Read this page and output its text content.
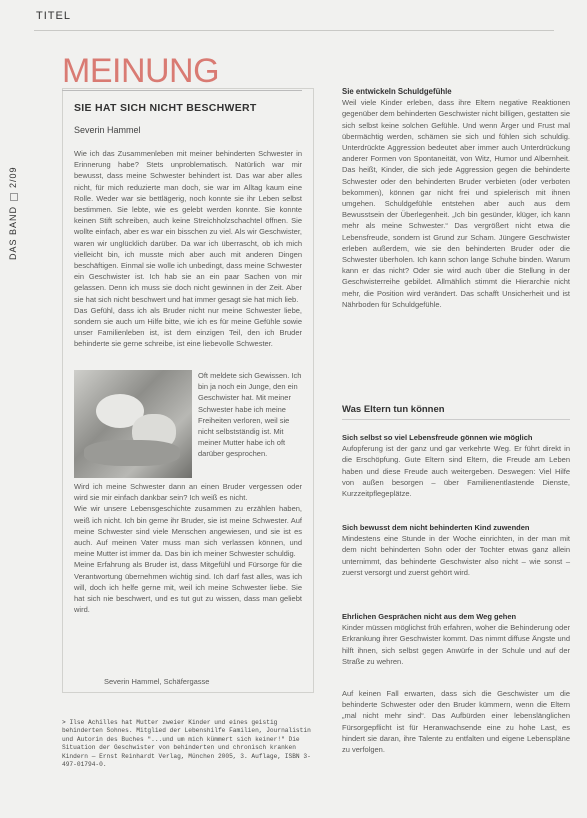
TITEL
DAS BAND2/09
MEINUNG
SIE HAT SICH NICHT BESCHWERT
Severin Hammel

Wie ich das Zusammenleben mit meiner behinderten Schwester in Erinnerung habe? Stets unproblematisch. Natürlich war mir bewusst, dass meine Schwester behindert ist. Das war aber alles nicht, für mich reduzierte man doch, sie war im Alltag kaum eine Rolle. Weder war sie bettlägerig, noch konnte sie ihr Leben selbst bestimmen. Sie lebte, wie es gelebt werden konnte. Sie konnte keinen Stift schreiben, auch keine Streichholzschachtel öffnen. Sie wollte einfach, aber es war ein bisschen zu viel. Als wir Geschwister, waren wir unglücklich darüber. Da war ich überrascht, ob ich mich vielleicht bin, ich musste mich aber auch mit anderen Dingen beschäftigen. Einmal sie wolle ich unbedingt, dass meine Schwester ein Geschwister ist. Ich hab sie an ein paar Sachen von mir gelassen. Denn ich muss sie doch nicht gewinnen in der Zeit. Aber sie hat sich nicht beschwert und hat immer gesagt sie hat mich lieb.

Das Gefühl, dass ich als Bruder nicht nur meine Schwester liebe, sondern sie auch um Hilfe bitte, wie ich es für meine Gefühle sowie unser Familienleben ist, ist dem einzigen Teil, den ich Bruder behinderte sie gerne schreibe, ist eine liebevolle Schwester.

Oft meldete sich Gewissen. Ich bin ja noch ein Junge, den ein Geschwister hat. Mit meiner Schwester habe ich meine Freiheiten verloren, weil sie nicht selbstständig ist. Mit meiner Mutter habe ich oft darüber gesprochen.

Wird ich meine Schwester dann an einen Bruder vergessen oder wird sie mir einfach dankbar sein? Ich weiß es nicht.

Wie wir unsere Lebensgeschichte zusammen zu erzählen haben, weiß ich nicht. Ich bin gerne ihr Bruder, sie ist meine Schwester. Auf meine Schwester sind viele Menschen angewiesen, und sie ist es auch. Auf meinen Vater muss man sich verlassen können, und meine Mutter ist immer da. Das bin ich meiner Schwester schuldig.

Meine Erfahrung als Bruder ist, dass Mitgefühl und Fürsorge für die Verantwortung übernehmen wichtig sind. Ich darf fast alles, was ich will, doch ich helfe gerne mit, weil ich meine Schwester liebe. Sie hat sich nie beschwert, und es tut gut zu wissen, dass man geliebt wird.

Severin Hammel, Schäfergasse
> Ilse Achilles hat Mutter zweier Kinder und eines geistig behinderten Sohnes. Mitglied der Lebenshilfe Familien, Journalistin und Autorin des Buches "...und um mich kümmert sich keiner!" Die Situation der Geschwister von behinderten und chronisch kranken Kindern — Ernst Reinhardt Verlag, München 2005, 3. Auflage, ISBN 3-497-01794-0.
Sie entwickeln Schuldgefühle
Weil viele Kinder erleben, dass ihre Eltern negative Reaktionen gegenüber dem behinderten Geschwister nicht billigen, gestatten sie sich selbst keine solchen Gefühle. Und wenn Ärger und Frust mal übermächtig werden, schämen sie sich und fühlen sich schuldig. Unterdrückte Aggression bedeutet aber immer auch Unterdrückung anderer Formen von Spontaneität, von Witz, Humor und Albernheit. Das heißt, Kinder, die sich jede Aggression gegen die behinderte Schwester oder den behinderten Bruder verbieten (oder verboten bekommen), können gar nicht frei und spielerisch mit ihnen umgehen. Schuldgefühle entstehen aber auch aus dem Bewusstsein der Überlegenheit. „Ich bin gesünder, klüger, ich kann mehr als meine Schwester.“ Das vergrößert nicht etwa die Lebensfreude, sondern ist Grund zur Scham. Jüngere Geschwister erleben außerdem, wie sie den behinderten Bruder oder die Schwester überholen. Ich kann schon lange Schuhe binden. Warum kann er das nicht? Oder sie wird auch über die Stellung in der Geschwisterreihe gebildet. Allmählich stimmt die Hierarchie nicht mehr, die Position wird verändert. Das schafft Unsicherheit und ist Nährboden für Schuldgefühle.
Was Eltern tun können
Sich selbst so viel Lebensfreude gönnen wie möglich
Aufopferung ist der ganz und gar verkehrte Weg. Er führt direkt in die Erschöpfung. Gute Eltern sind Eltern, die Freude am Leben haben und diese Freude auch weitergeben. Deswegen: Viel Hilfe von außen besorgen – über Familienentlastende Dienste, Kurzzeitpflegeplätze.
Sich bewusst dem nicht behinderten Kind zuwenden
Mindestens eine Stunde in der Woche einrichten, in der man mit dem nicht behinderten Sohn oder der Tochter etwas ganz allein unternimmt, das behinderte Geschwister also nicht – wie sonst – zuerst versorgt und zuerst gehört wird.
Ehrlichen Gesprächen nicht aus dem Weg gehen
Kinder müssen möglichst früh erfahren, woher die Behinderung oder Erkrankung ihrer Geschwister kommt. Das nimmt diffuse Ängste und hilft ihnen, sich selbst gegen Anwürfe in der Schule und auf der Straße zu wehren.
Auf keinen Fall erwarten, dass sich die Geschwister um die behinderte Schwester oder den Bruder kümmern, wenn die Eltern „mal nicht mehr sind“. Das Aufbürden einer lebenslänglichen Fürsorgepflicht ist für Heranwachsende eine zu hohe Last, es hindert sie daran, ihre Talente zu entfalten und eigene Lebenspläne zu verfolgen.
